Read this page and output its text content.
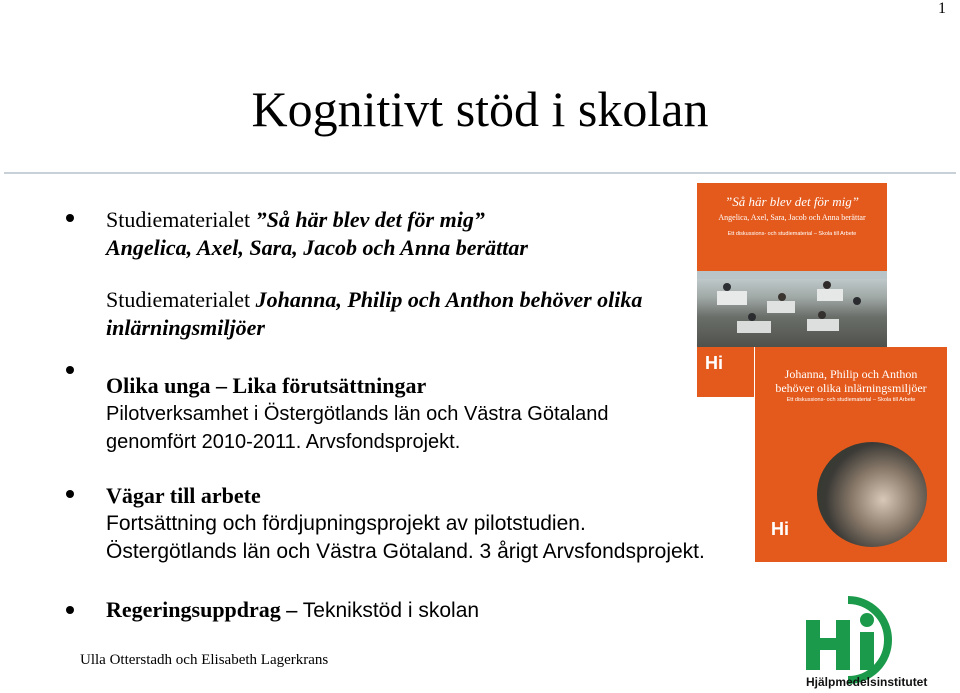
1
Kognitivt stöd i skolan
Studiematerialet ”Så här blev det för mig”
Angelica, Axel, Sara, Jacob och Anna berättar
Studiematerialet Johanna, Philip och Anthon behöver olika
inlärningsmiljöer
Olika unga – Lika förutsättningar
Pilotverksamhet i Östergötlands län och Västra Götaland
genomfört 2010-2011. Arvsfondsprojekt.
Vägar till arbete
Fortsättning och fördjupningsprojekt av pilotstudien.
Östergötlands län och Västra Götaland. 3 årigt Arvsfondsprojekt.
Regeringsuppdrag – Teknikstöd i skolan
Ulla Otterstadh och Elisabeth Lagerkrans
”Så här blev det för mig”
Angelica, Axel, Sara, Jacob och Anna berättar
Ett diskussions- och studiematerial – Skola till Arbete
Hi
Johanna, Philip och Anthon
behöver olika inlärningsmiljöer
Ett diskussions- och studiematerial – Skola till Arbete
Hi
Hjälpmedelsinstitutet
